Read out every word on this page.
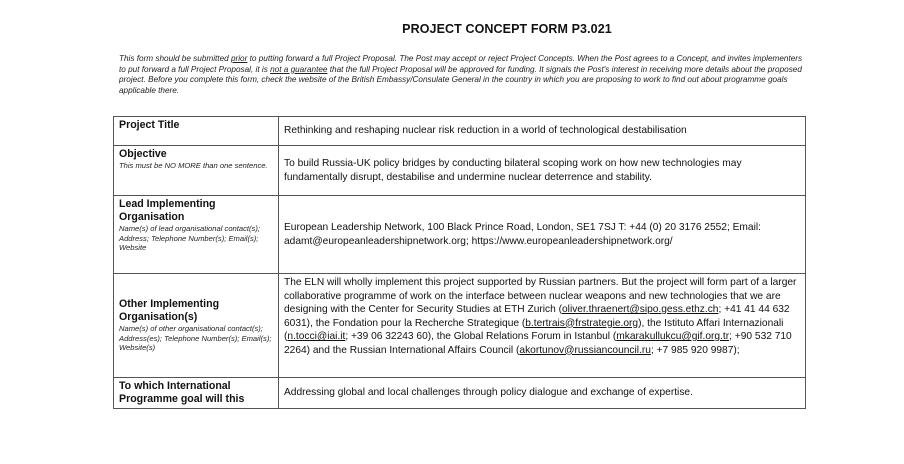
PROJECT CONCEPT FORM P3.021
This form should be submitted prior to putting forward a full Project Proposal. The Post may accept or reject Project Concepts. When the Post agrees to a Concept, and invites implementers to put forward a full Project Proposal, it is not a guarantee that the full Project Proposal will be approved for funding. It signals the Post's interest in receiving more details about the proposed project. Before you complete this form, check the website of the British Embassy/Consulate General in the country in which you are proposing to work to find out about programme goals applicable there.
Project Title	Rethinking and reshaping nuclear risk reduction in a world of technological destabilisation

Objective
This must be NO MORE than one sentence.	To build Russia-UK policy bridges by conducting bilateral scoping work on how new technologies may fundamentally disrupt, destabilise and undermine nuclear deterrence and stability.

Lead Implementing Organisation
Name(s) of lead organisational contact(s); Address; Telephone Number(s); Email(s); Website	European Leadership Network, 100 Black Prince Road, London, SE1 7SJ T: +44 (0) 20 3176 2552; Email: adamt@europeanleadershipnetwork.org; https://www.europeanleadershipnetwork.org/

Other Implementing Organisation(s)
Name(s) of other organisational contact(s); Address(es); Telephone Number(s); Email(s); Website(s)	The ELN will wholly implement this project supported by Russian partners. But the project will form part of a larger collaborative programme of work on the interface between nuclear weapons and new technologies that we are designing with the Center for Security Studies at ETH Zurich (oliver.thraenert@sipo.gess.ethz.ch; +41 41 44 632 6031), the Fondation pour la Recherche Strategique (b.tertrais@frstrategie.org), the Istituto Affari Internazionali (n.tocci@iai.it; +39 06 32243 60), the Global Relations Forum in Istanbul (mkarakullukcu@gif.org.tr; +90 532 710 2264) and the Russian International Affairs Council (akortunov@russiancouncil.ru; +7 985 920 9987);

To which International Programme goal will this	Addressing global and local challenges through policy dialogue and exchange of expertise.
